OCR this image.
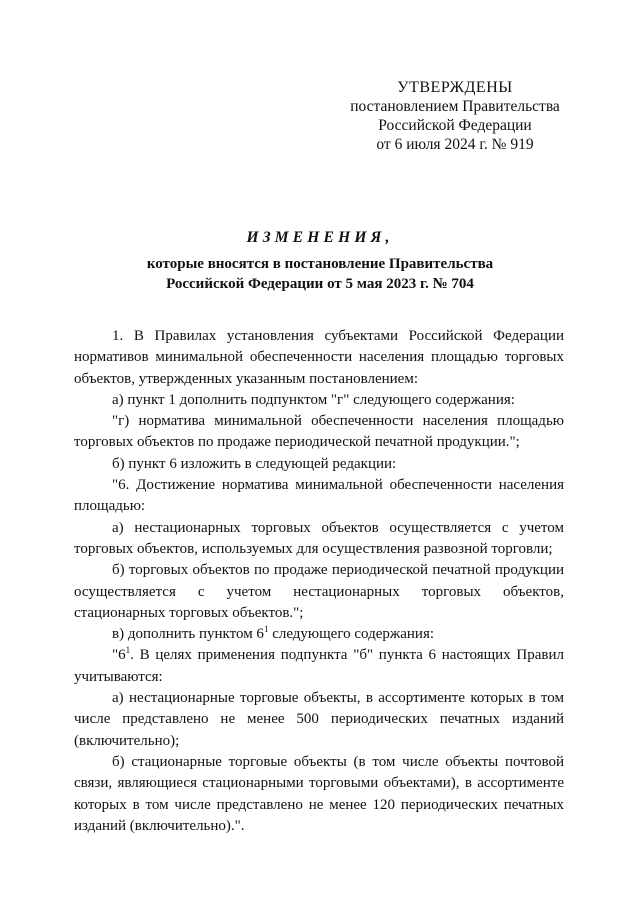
УТВЕРЖДЕНЫ
постановлением Правительства
Российской Федерации
от 6 июля 2024 г. № 919
ИЗМЕНЕНИЯ,
которые вносятся в постановление Правительства
Российской Федерации от 5 мая 2023 г. № 704

1. В Правилах установления субъектами Российской Федерации нормативов минимальной обеспеченности населения площадью торговых объектов, утвержденных указанным постановлением:

а) пункт 1 дополнить подпунктом "г" следующего содержания:

"г) норматива минимальной обеспеченности населения площадью торговых объектов по продаже периодической печатной продукции.";

б) пункт 6 изложить в следующей редакции:

"6. Достижение норматива минимальной обеспеченности населения площадью:

а) нестационарных торговых объектов осуществляется с учетом торговых объектов, используемых для осуществления развозной торговли;

б) торговых объектов по продаже периодической печатной продукции осуществляется с учетом нестационарных торговых объектов, стационарных торговых объектов.";

в) дополнить пунктом $6^1$ следующего содержания:

"$6^1$. В целях применения подпункта "б" пункта 6 настоящих Правил учитываются:

а) нестационарные торговые объекты, в ассортименте которых в том числе представлено не менее 500 периодических печатных изданий (включительно);

б) стационарные торговые объекты (в том числе объекты почтовой связи, являющиеся стационарными торговыми объектами), в ассортименте которых в том числе представлено не менее 120 периодических печатных изданий (включительно).".
